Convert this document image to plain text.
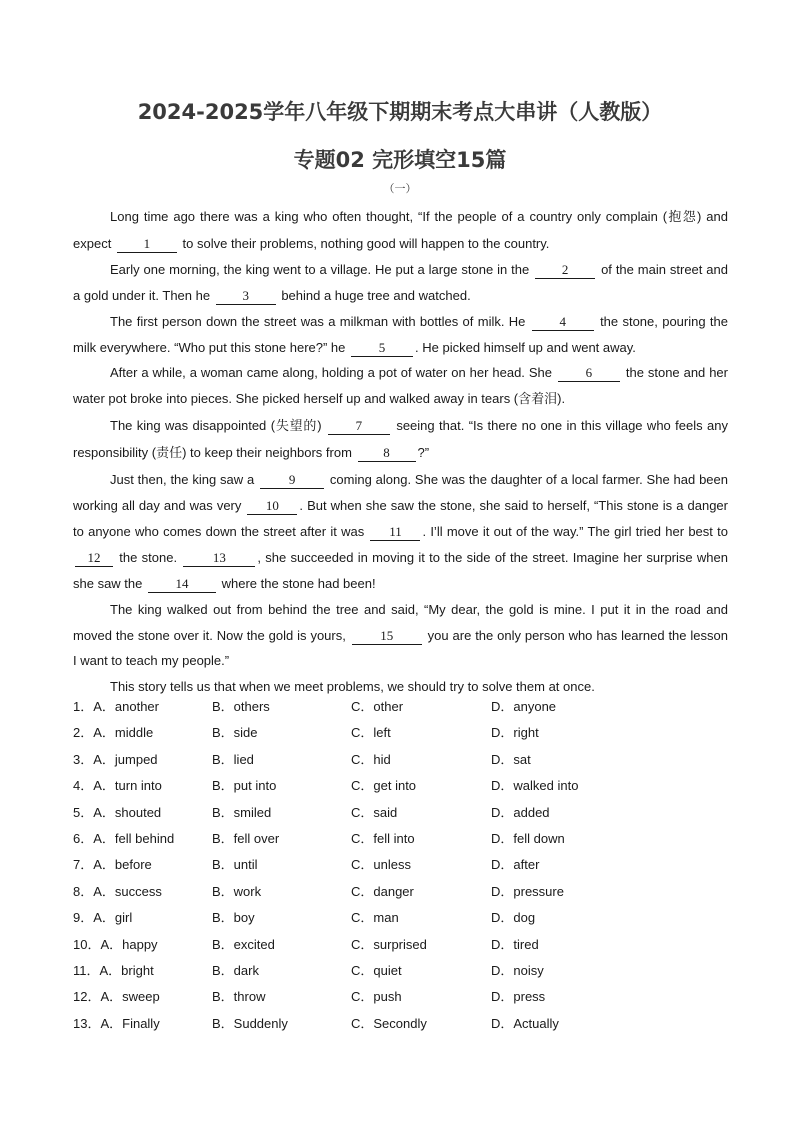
2024-2025学年八年级下期期末考点大串讲（人教版）
专题02 完形填空15篇
（一）

Long time ago there was a king who often thought, “If the people of a country only complain (抱怨) and expect 1 to solve their problems, nothing good will happen to the country.

Early one morning, the king went to a village. He put a large stone in the 2 of the main street and a gold under it. Then he 3 behind a huge tree and watched.

The first person down the street was a milkman with bottles of milk. He 4 the stone, pouring the milk everywhere. “Who put this stone here?” he 5 . He picked himself up and went away.

After a while, a woman came along, holding a pot of water on her head. She 6 the stone and her water pot broke into pieces. She picked herself up and walked away in tears (含着泪).

The king was disappointed (失望的) 7 seeing that. “Is there no one in this village who feels any responsibility (责任) to keep their neighbors from 8 ?”

Just then, the king saw a 9 coming along. She was the daughter of a local farmer. She had been working all day and was very 10 . But when she saw the stone, she said to herself, “This stone is a danger to anyone who comes down the street after it was 11 . I’ll move it out of the way.” The girl tried her best to 12 the stone. 13 , she succeeded in moving it to the side of the street. Imagine her surprise when she saw the 14 where the stone had been!

The king walked out from behind the tree and said, “My dear, the gold is mine. I put it in the road and moved the stone over it. Now the gold is yours, 15 you are the only person who has learned the lesson I want to teach my people.”

This story tells us that when we meet problems, we should try to solve them at once.

1．A．another	B．others	C．other	D．anyone
2．A．middle	B．side	C．left	D．right
3．A．jumped	B．lied	C．hid	D．sat
4．A．turn into	B．put into	C．get into	D．walked into
5．A．shouted	B．smiled	C．said	D．added
6．A．fell behind	B．fell over	C．fell into	D．fell down
7．A．before	B．until	C．unless	D．after
8．A．success	B．work	C．danger	D．pressure
9．A．girl	B．boy	C．man	D．dog
10．A．happy	B．excited	C．surprised	D．tired
11．A．bright	B．dark	C．quiet	D．noisy
12．A．sweep	B．throw	C．push	D．press
13．A．Finally	B．Suddenly	C．Secondly	D．Actually
